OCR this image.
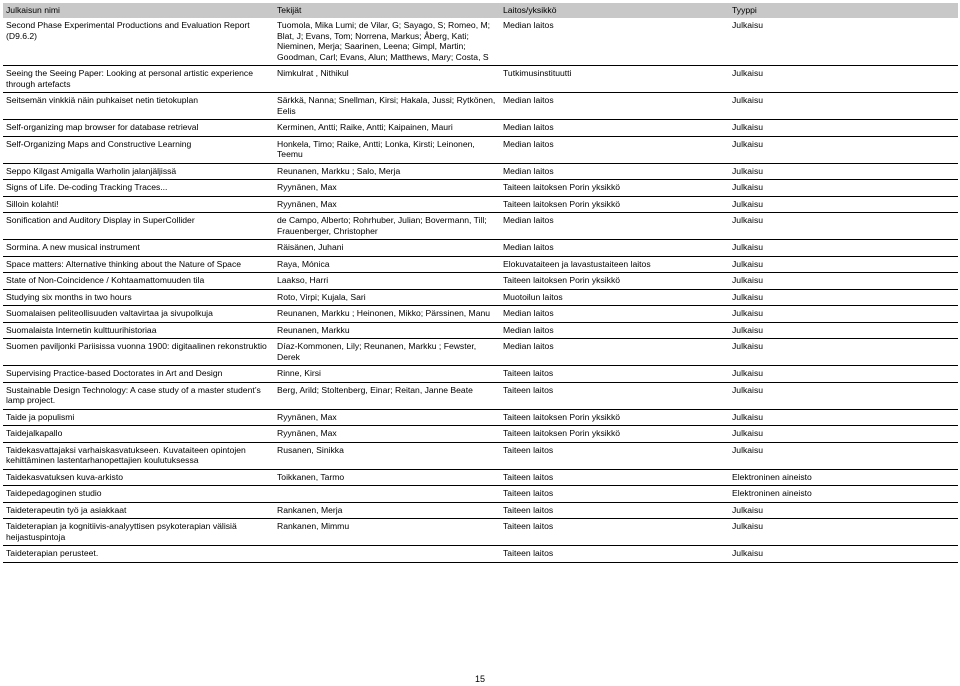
Julkaisun nimi	Tekijät	Laitos/yksikkö	Tyyppi
Second Phase Experimental Productions and Evaluation Report (D9.6.2)	Tuomola, Mika Lumi; de Vilar, G; Sayago, S; Romeo, M; Blat, J; Evans, Tom; Norrena, Markus; Åberg, Kati; Nieminen, Merja; Saarinen, Leena; Gimpl, Martin; Goodman, Carl; Evans, Alun; Matthews, Mary; Costa, S	Median laitos	Julkaisu
Seeing the Seeing Paper: Looking at personal artistic experience through artefacts	Nimkulrat , Nithikul	Tutkimusinstituutti	Julkaisu
Seitsemän vinkkiä näin puhkaiset netin tietokuplan	Särkkä, Nanna; Snellman, Kirsi; Hakala, Jussi; Rytkönen, Eelis	Median laitos	Julkaisu
Self-organizing map browser for database retrieval	Kerminen, Antti; Raike, Antti; Kaipainen, Mauri	Median laitos	Julkaisu
Self-Organizing Maps and Constructive Learning	Honkela, Timo; Raike, Antti; Lonka, Kirsti; Leinonen, Teemu	Median laitos	Julkaisu
Seppo Kilgast Amigalla Warholin jalanjäljissä	Reunanen, Markku ; Salo, Merja	Median laitos	Julkaisu
Signs of Life. De-coding Tracking Traces...	Ryynänen, Max	Taiteen laitoksen Porin yksikkö	Julkaisu
Silloin kolahti!	Ryynänen, Max	Taiteen laitoksen Porin yksikkö	Julkaisu
Sonification and Auditory Display in SuperCollider	de Campo, Alberto; Rohrhuber, Julian; Bovermann, Till; Frauenberger, Christopher	Median laitos	Julkaisu
Sormina. A new musical instrument	Räisänen, Juhani	Median laitos	Julkaisu
Space matters: Alternative thinking about the Nature of Space	Raya, Mónica	Elokuvataiteen ja lavastustaiteen laitos	Julkaisu
State of Non-Coincidence / Kohtaamattomuuden tila	Laakso, Harri	Taiteen laitoksen Porin yksikkö	Julkaisu
Studying six months in two hours	Roto, Virpi; Kujala, Sari	Muotoilun laitos	Julkaisu
Suomalaisen peliteollisuuden valtavirtaa ja sivupolkuja	Reunanen, Markku ; Heinonen, Mikko; Pärssinen, Manu	Median laitos	Julkaisu
Suomalaista Internetin kulttuurihistoriaa	Reunanen, Markku	Median laitos	Julkaisu
Suomen paviljonki Pariisissa vuonna 1900: digitaalinen rekonstruktio	Díaz-Kommonen, Lily; Reunanen, Markku ; Fewster, Derek	Median laitos	Julkaisu
Supervising Practice-based Doctorates in Art and Design	Rinne, Kirsi	Taiteen laitos	Julkaisu
Sustainable Design Technology: A case study of a master student’s lamp project.	Berg, Arild; Stoltenberg, Einar; Reitan, Janne Beate	Taiteen laitos	Julkaisu
Taide ja populismi	Ryynänen, Max	Taiteen laitoksen Porin yksikkö	Julkaisu
Taidejalkapallo	Ryynänen, Max	Taiteen laitoksen Porin yksikkö	Julkaisu
Taidekasvattajaksi varhaiskasvatukseen. Kuvataiteen opintojen kehittäminen lastentarhanopettajien koulutuksessa	Rusanen, Sinikka	Taiteen laitos	Julkaisu
Taidekasvatuksen kuva-arkisto	Toikkanen, Tarmo	Taiteen laitos	Elektroninen aineisto
Taidepedagoginen studio		Taiteen laitos	Elektroninen aineisto
Taideterapeutin työ ja asiakkaat	Rankanen, Merja	Taiteen laitos	Julkaisu
Taideterapian ja kognitiivis-analyyttisen psykoterapian välisiä heijastuspintoja	Rankanen, Mimmu	Taiteen laitos	Julkaisu
Taideterapian perusteet.		Taiteen laitos	Julkaisu
15
